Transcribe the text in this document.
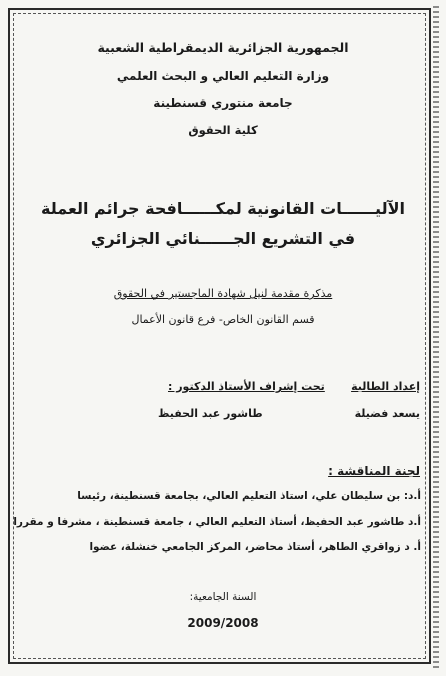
الجمهورية الجزائرية الديمقراطية الشعبية
وزارة التعليم العالي و البحث العلمي
جامعة منتوري قسنطينة
كلية الحقوق
الآليــــــات القانونية لمكــــــافحة جرائم العملة
في التشريع الجــــــنائي الجزائري
مذكرة مقدمة لنيل شهادة الماجستير في الحقوق
قسم القانون الخاص- فرع قانون الأعمال
تحت إشراف الأستاذ الدكتور :
طاشور عبد الحفيظ
إعداد الطالبة
يسعد فضيلة
لجنة المناقشة :
أ.د: بن سليطان علي، استاذ التعليم العالي، بجامعة قسنطينة، رئيسا
أ.د طاشور عبد الحفيظ، أستاذ التعليم العالي ، جامعة قسنطينة ، مشرفا و مقررا
أ. د زواقري الطاهر، أستاذ محاضر، المركز الجامعي خنشلة، عضوا
السنة الجامعية:
2009/2008
